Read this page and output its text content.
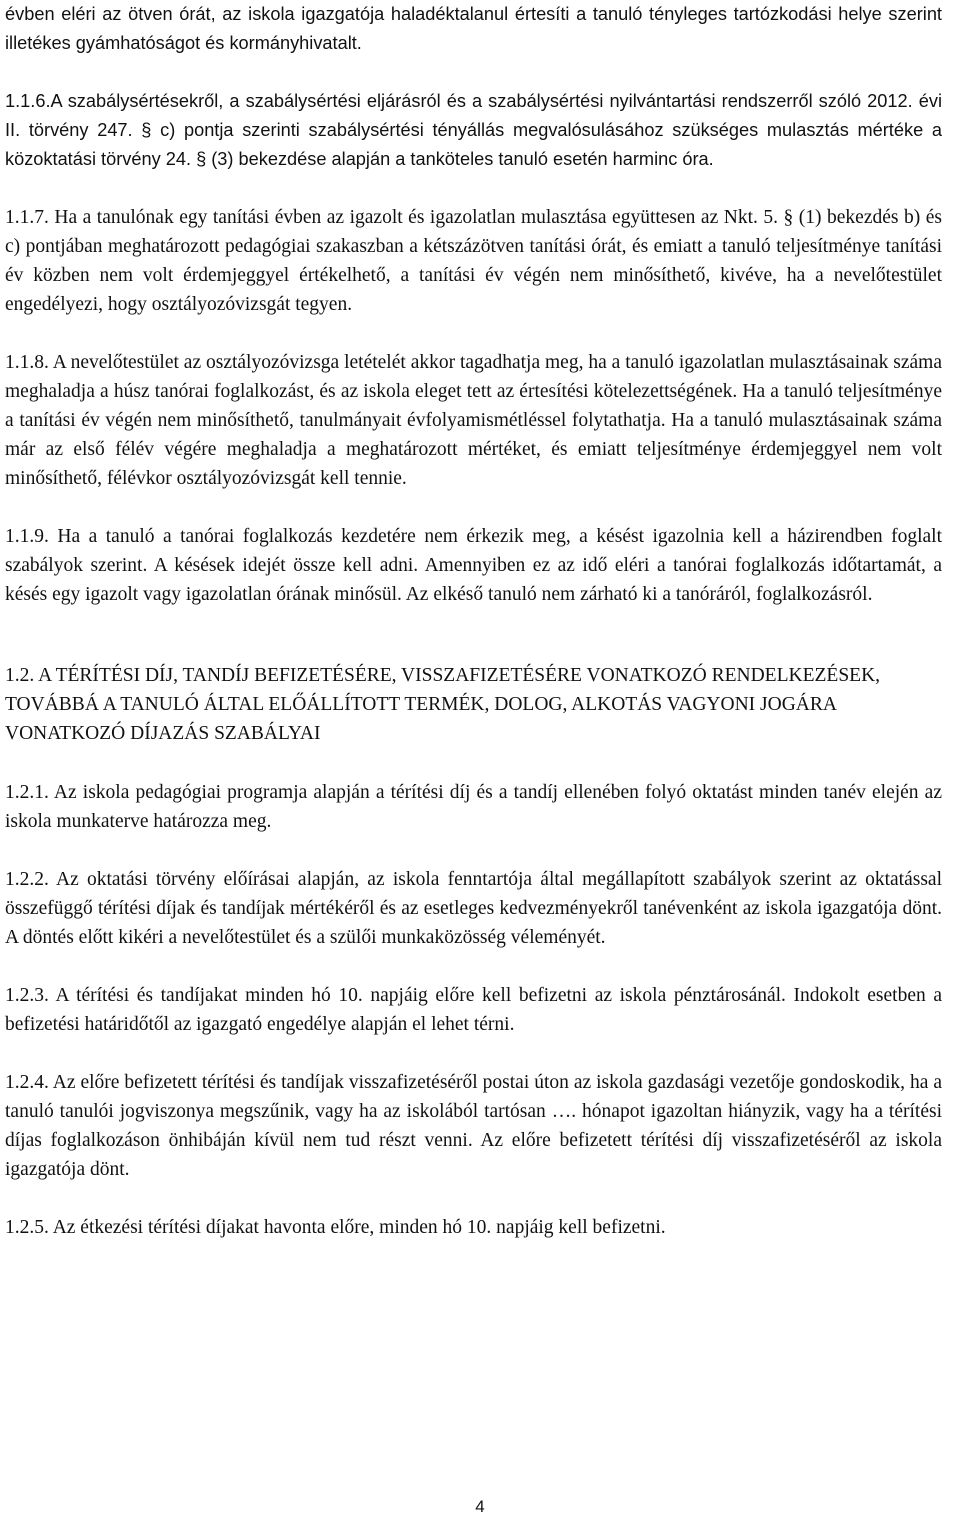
évben eléri az ötven órát, az iskola igazgatója haladéktalanul értesíti a tanuló tényleges tartózkodási helye szerint illetékes gyámhatóságot és kormányhivatalt.

1.1.6.A szabálysértésekről, a szabálysértési eljárásról és a szabálysértési nyilvántartási rendszerről szóló 2012. évi II. törvény 247. § c) pontja szerinti szabálysértési tényállás megvalósulásához szükséges mulasztás mértéke a közoktatási törvény 24. § (3) bekezdése alapján a tanköteles tanuló esetén harminc óra.

1.1.7. Ha a tanulónak egy tanítási évben az igazolt és igazolatlan mulasztása együttesen az Nkt. 5. § (1) bekezdés b) és c) pontjában meghatározott pedagógiai szakaszban a kétszázötven tanítási órát, és emiatt a tanuló teljesítménye tanítási év közben nem volt érdemjeggyel értékelhető, a tanítási év végén nem minősíthető, kivéve, ha a nevelőtestület engedélyezi, hogy osztályozóvizsgát tegyen.

1.1.8. A nevelőtestület az osztályozóvizsga letételét akkor tagadhatja meg, ha a tanuló igazolatlan mulasztásainak száma meghaladja a húsz tanórai foglalkozást, és az iskola eleget tett az értesítési kötelezettségének. Ha a tanuló teljesítménye a tanítási év végén nem minősíthető, tanulmányait évfolyamismétléssel folytathatja. Ha a tanuló mulasztásainak száma már az első félév végére meghaladja a meghatározott mértéket, és emiatt teljesítménye érdemjeggyel nem volt minősíthető, félévkor osztályozóvizsgát kell tennie.

1.1.9. Ha a tanuló a tanórai foglalkozás kezdetére nem érkezik meg, a késést igazolnia kell a házirendben foglalt szabályok szerint. A késések idejét össze kell adni. Amennyiben ez az idő eléri a tanórai foglalkozás időtartamát, a késés egy igazolt vagy igazolatlan órának minősül. Az elkéső tanuló nem zárható ki a tanóráról, foglalkozásról.

1.2. A TÉRÍTÉSI DÍJ, TANDÍJ BEFIZETÉSÉRE, VISSZAFIZETÉSÉRE VONATKOZÓ RENDELKEZÉSEK, TOVÁBBÁ A TANULÓ ÁLTAL ELŐÁLLÍTOTT TERMÉK, DOLOG, ALKOTÁS VAGYONI JOGÁRA VONATKOZÓ DÍJAZÁS SZABÁLYAI

1.2.1. Az iskola pedagógiai programja alapján a térítési díj és a tandíj ellenében folyó oktatást minden tanév elején az iskola munkaterve határozza meg.

1.2.2. Az oktatási törvény előírásai alapján, az iskola fenntartója által megállapított szabályok szerint az oktatással összefüggő térítési díjak és tandíjak mértékéről és az esetleges kedvezményekről tanévenként az iskola igazgatója dönt. A döntés előtt kikéri a nevelőtestület és a szülői munkaközösség véleményét.

1.2.3. A térítési és tandíjakat minden hó 10. napjáig előre kell befizetni az iskola pénztárosánál. Indokolt esetben a befizetési határidőtől az igazgató engedélye alapján el lehet térni.

1.2.4. Az előre befizetett térítési és tandíjak visszafizetéséről postai úton az iskola gazdasági vezetője gondoskodik, ha a tanuló tanulói jogviszonya megszűnik, vagy ha az iskolából tartósan …. hónapot igazoltan hiányzik, vagy ha a térítési díjas foglalkozáson önhibáján kívül nem tud részt venni. Az előre befizetett térítési díj visszafizetéséről az iskola igazgatója dönt.

1.2.5. Az étkezési térítési díjakat havonta előre, minden hó 10. napjáig kell befizetni.

4
